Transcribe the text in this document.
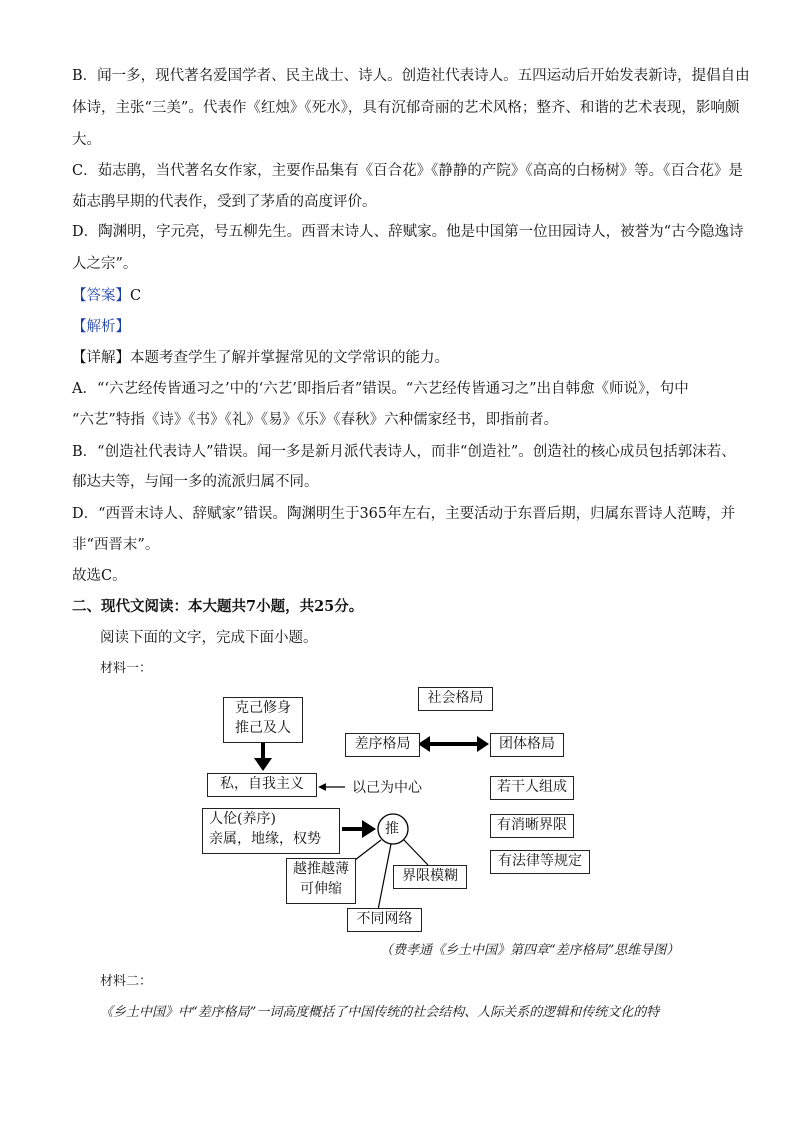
B．闻一多，现代著名爱国学者、民主战士、诗人。创造社代表诗人。五四运动后开始发表新诗，提倡自由
体诗，主张“三美”。代表作《红烛》《死水》，具有沉郁奇丽的艺术风格；整齐、和谐的艺术表现，影响颇
大。
C．茹志鹃，当代著名女作家，主要作品集有《百合花》《静静的产院》《高高的白杨树》等。《百合花》是
茹志鹃早期的代表作，受到了茅盾的高度评价。
D．陶渊明，字元亮，号五柳先生。西晋末诗人、辞赋家。他是中国第一位田园诗人，被誉为“古今隐逸诗
人之宗”。
【答案】C
【解析】
【详解】本题考查学生了解并掌握常见的文学常识的能力。
A．“‘六艺经传皆通习之’中的‘六艺’即指后者”错误。“六艺经传皆通习之”出自韩愈《师说》，句中
“六艺”特指《诗》《书》《礼》《易》《乐》《春秋》六种儒家经书，即指前者。
B．“创造社代表诗人”错误。闻一多是新月派代表诗人，而非“创造社”。创造社的核心成员包括郭沫若、
郁达夫等，与闻一多的流派归属不同。
D．“西晋末诗人、辞赋家”错误。陶渊明生于365年左右，主要活动于东晋后期，归属东晋诗人范畴，并
非“西晋末”。
故选C。
二、现代文阅读：本大题共7小题，共25分。
阅读下面的文字，完成下面小题。
材料一：
推
克己修身
推己及人
社会格局
差序格局	团体格局
私，自我主义	以己为中心	若干人组成
有消晰界限
有法律等规定
人伦(养序)
亲属，地缘，权势
越推越薄
可伸缩
界限模糊
不同网络
（费孝通《乡土中国》第四章“差序格局”思维导图）
材料二：
《乡土中国》中“差序格局”一词高度概括了中国传统的社会结构、人际关系的逻辑和传统文化的特
